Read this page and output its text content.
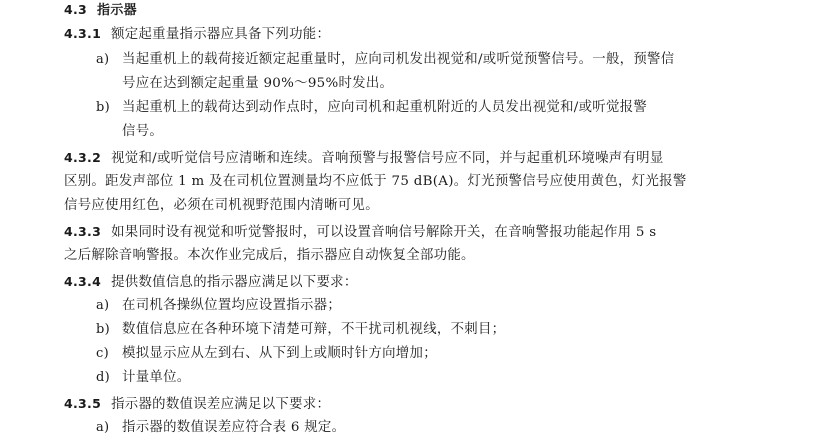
4.3 指示器
4.3.1 额定起重量指示器应具备下列功能：
a) 当起重机上的载荷接近额定起重量时，应向司机发出视觉和/或听觉预警信号。一般，预警信
号应在达到额定起重量 90%～95%时发出。
b) 当起重机上的载荷达到动作点时，应向司机和起重机附近的人员发出视觉和/或听觉报警
信号。
4.3.2 视觉和/或听觉信号应清晰和连续。音响预警与报警信号应不同，并与起重机环境噪声有明显
区别。距发声部位 1 m 及在司机位置测量均不应低于 75 dB(A)。灯光预警信号应使用黄色，灯光报警
信号应使用红色，必须在司机视野范围内清晰可见。
4.3.3 如果同时设有视觉和听觉警报时，可以设置音响信号解除开关，在音响警报功能起作用 5 s
之后解除音响警报。本次作业完成后，指示器应自动恢复全部功能。
4.3.4 提供数值信息的指示器应满足以下要求：
a) 在司机各操纵位置均应设置指示器；
b) 数值信息应在各种环境下清楚可辩，不干扰司机视线，不刺目；
c) 模拟显示应从左到右、从下到上或顺时针方向增加；
d) 计量单位。
4.3.5 指示器的数值误差应满足以下要求：
a) 指示器的数值误差应符合表 6 规定。
